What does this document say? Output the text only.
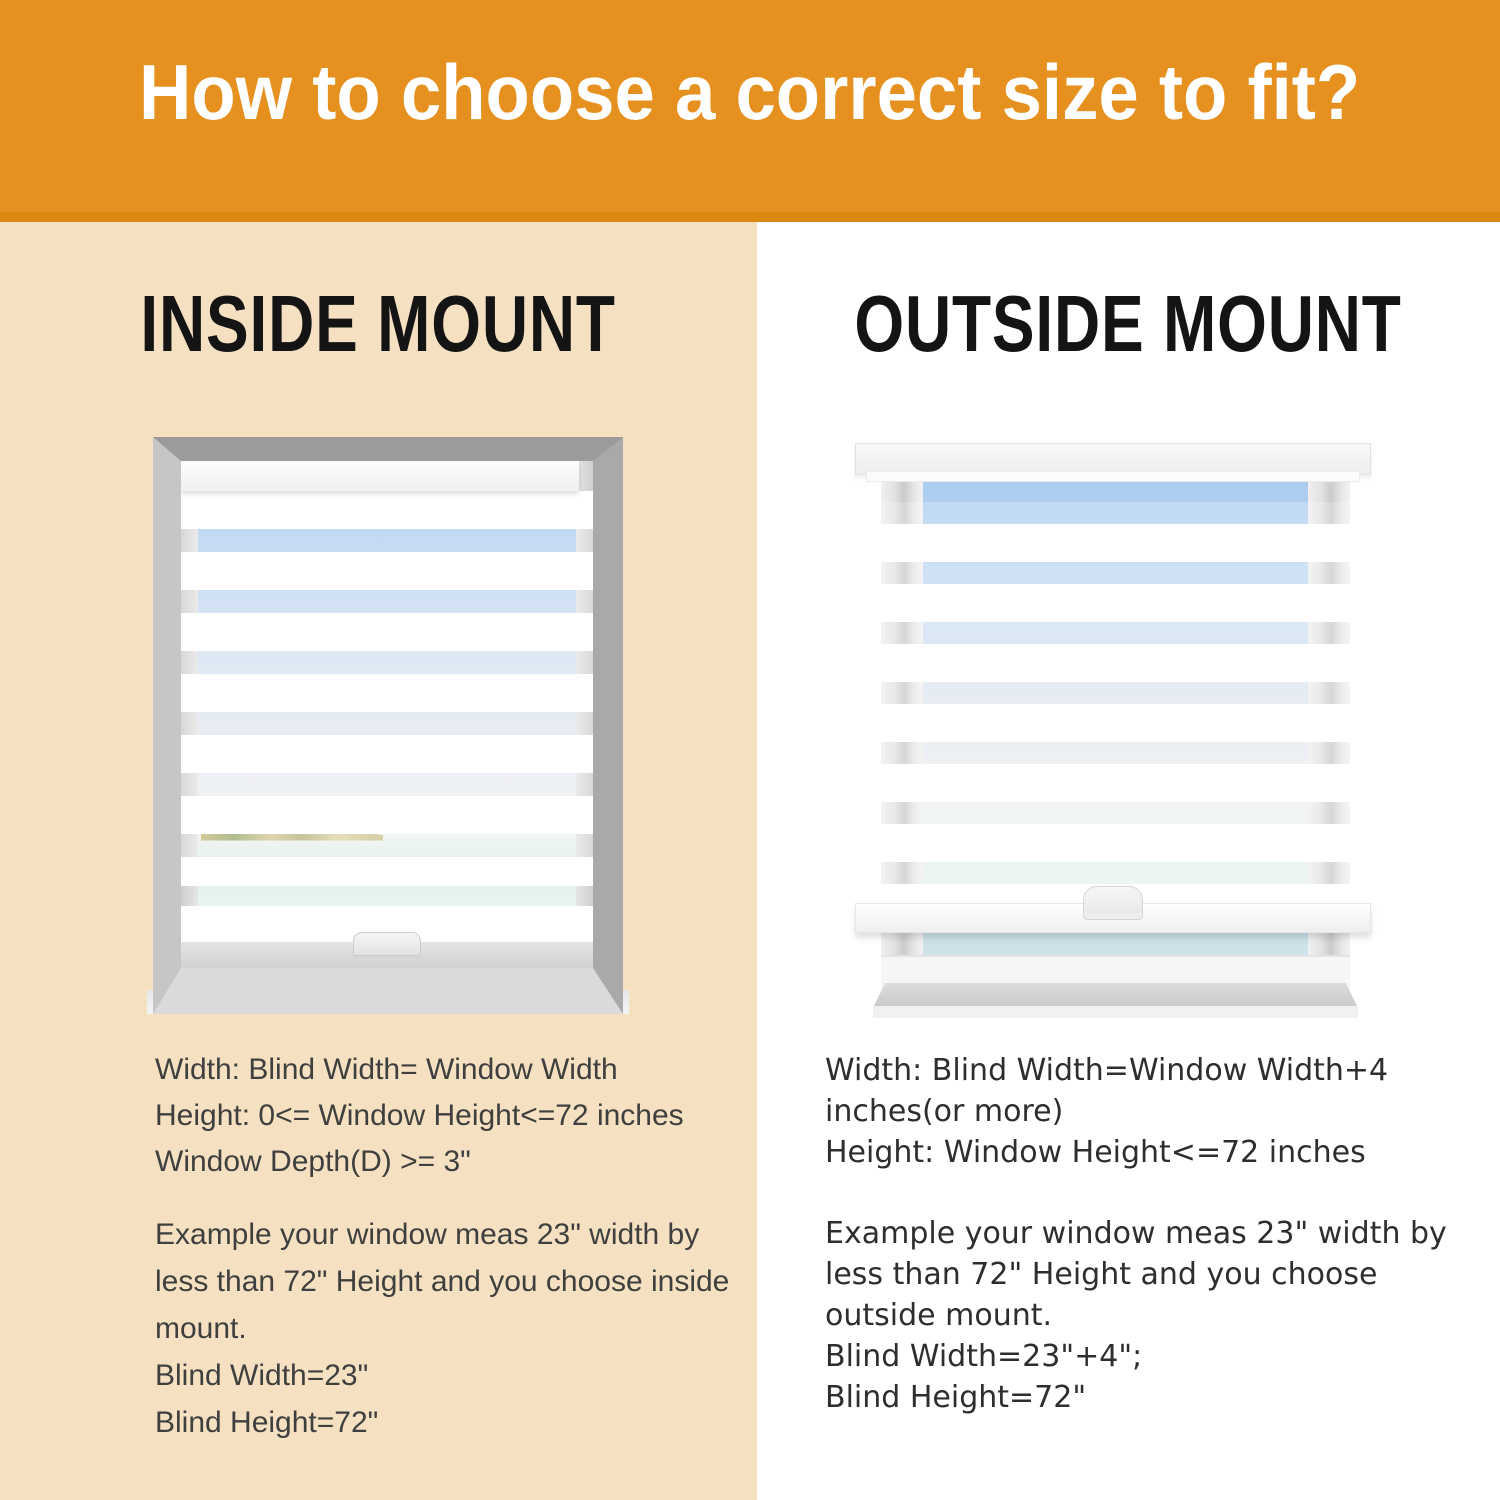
How to choose a correct size to fit?
INSIDE MOUNT	OUTSIDE MOUNT
Width: Blind Width= Window Width
Height: 0<= Window Height<=72 inches
Window Depth(D) >= 3"
Example your window meas 23" width by
less than 72" Height and you choose inside
mount.
Blind Width=23"
Blind Height=72"
Width: Blind Width=Window Width+4
inches(or more)
Height: Window Height<=72 inches
Example your window meas 23" width by
less than 72" Height and you choose
outside mount.
Blind Width=23"+4";
Blind Height=72"
